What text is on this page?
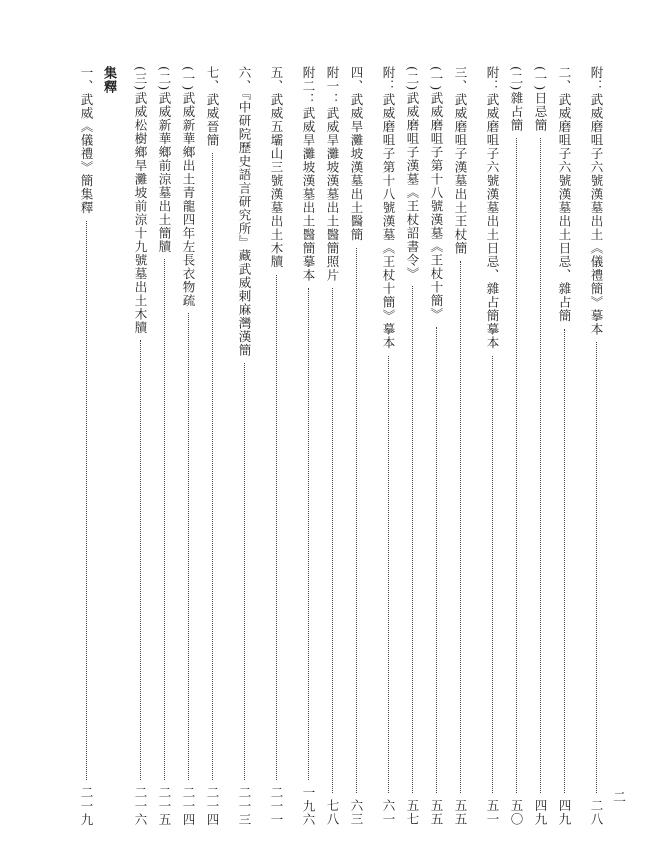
二
附：武威磨咀子六號漢墓出土《儀禮簡》摹本
二八
二、武威磨咀子六號漢墓出土日忌、雜占簡
四九
(一)日忌簡
四九
(二)雜占簡
五〇
附：武威磨咀子六號漢墓出土日忌、雜占簡摹本
五一
三、武威磨咀子漢墓出土王杖簡
五五
(一)武威磨咀子第十八號漢墓《王杖十簡》
五五
(二)武威磨咀子漢墓《王杖詔書令》
五七
附：武威磨咀子第十八號漢墓《王杖十簡》摹本
六一
四、武威旱灘坡漢墓出土醫簡
六三
附一：武威旱灘坡漢墓出土醫簡照片
七八
附二：武威旱灘坡漢墓出土醫簡摹本
一九六
五、武威五壩山三號漢墓出土木牘
二一一
六、『中研院歷史語言研究所』藏武威剌麻灣漢簡
二一三
七、武威晉簡
二一四
(一)武威新華鄉出土青龍四年左長衣物疏
二一四
(二)武威新華鄉前涼墓出土簡牘
二一五
(三)武威松樹鄉旱灘坡前涼十九號墓出土木牘
二一六
集釋
一、武威《儀禮》簡集釋
二一九
